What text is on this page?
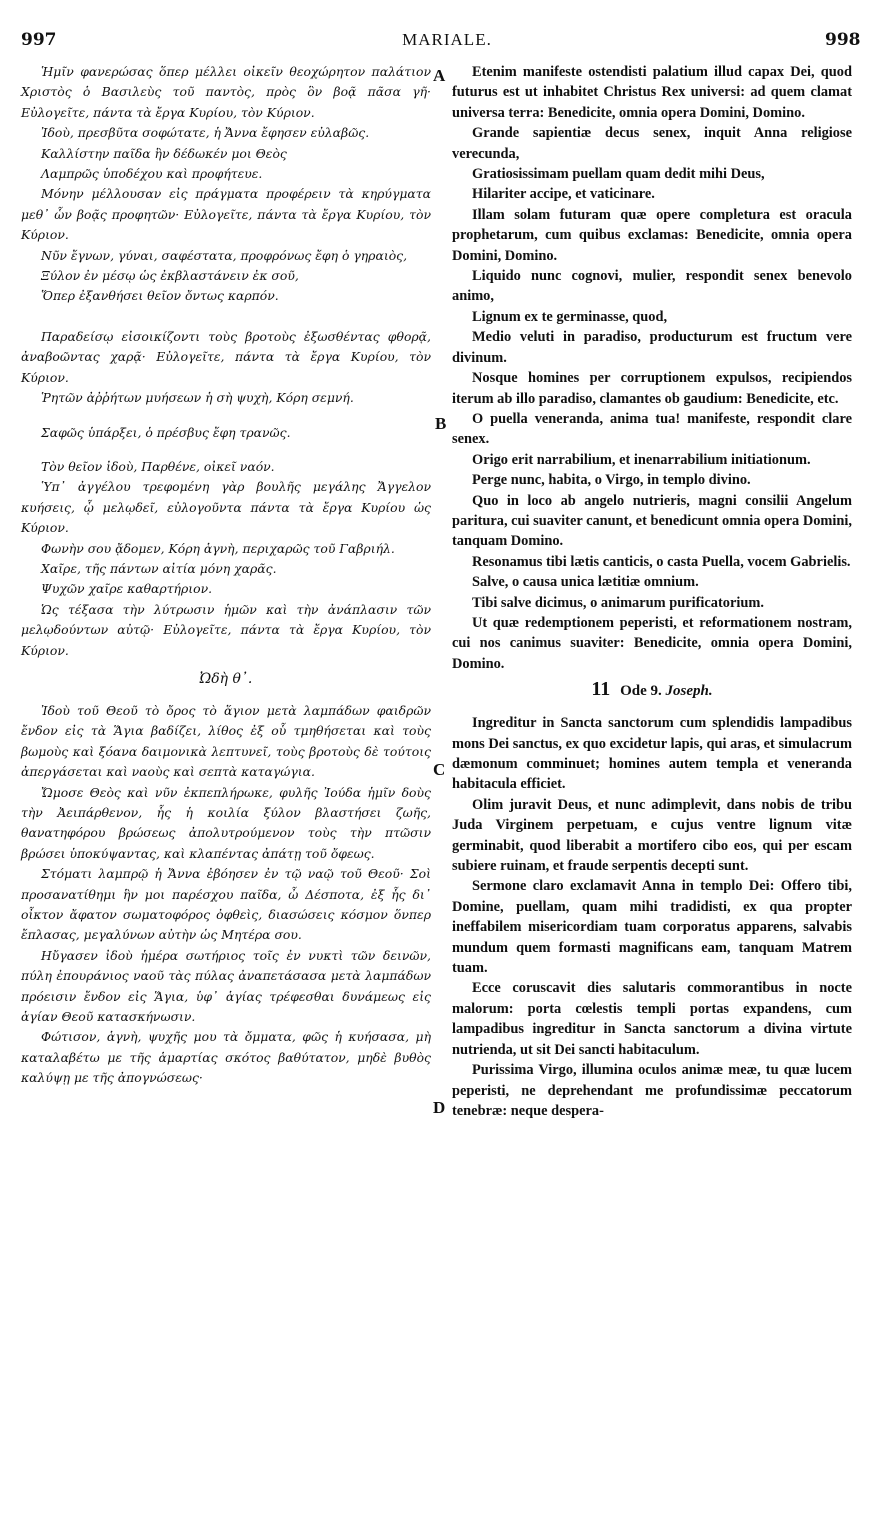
997	MARIALE.	998
A
B
C
D

Ἡμῖν φανερώσας ὅπερ μέλλει οἰκεῖν θεοχώρητον παλάτιον Χριστὸς ὁ Βασιλεὺς τοῦ παντὸς, πρὸς ὃν βοᾷ πᾶσα γῆ· Εὐλογεῖτε, πάντα τὰ ἔργα Κυρίου, τὸν Κύριον.

Ἰδοὺ, πρεσβῦτα σοφώτατε, ἡ Ἄννα ἔφησεν εὐλαβῶς.

Καλλίστην παῖδα ἣν δέδωκέν μοι Θεὸς

Λαμπρῶς ὑποδέχου καὶ προφήτευε.

Μόνην μέλλουσαν εἰς πράγματα προφέρειν τὰ κηρύγματα μεθ᾽ ὧν βοᾷς προφητῶν· Εὐλογεῖτε, πάντα τὰ ἔργα Κυρίου, τὸν Κύριον.

Νῦν ἔγνων, γύναι, σαφέστατα, προφρόνως ἔφη ὁ γηραιὸς,

Ξύλον ἐν μέσῳ ὡς ἐκβλαστάνειν ἐκ σοῦ,

Ὅπερ ἐξανθήσει θεῖον ὄντως καρπόν.

Παραδείσῳ εἰσοικίζοντι τοὺς βροτοὺς ἐξωσθέντας φθορᾷ, ἀναβοῶντας χαρᾷ· Εὐλογεῖτε, πάντα τὰ ἔργα Κυρίου, τὸν Κύριον.

Ῥητῶν ἀῤῥήτων μυήσεων ἡ σὴ ψυχὴ, Κόρη σεμνή.

Σαφῶς ὑπάρξει, ὁ πρέσβυς ἔφη τρανῶς.

Τὸν θεῖον ἰδοὺ, Παρθένε, οἰκεῖ ναόν.

Ὑπ᾽ ἀγγέλου τρεφομένη γὰρ βουλῆς μεγάλης Ἄγγελον κυήσεις, ᾧ μελῳδεῖ, εὐλογοῦντα πάντα τὰ ἔργα Κυρίου ὡς Κύριον.

Φωνὴν σου ᾄδομεν, Κόρη ἁγνὴ, περιχαρῶς τοῦ Γαβριήλ.

Χαῖρε, τῆς πάντων αἰτία μόνη χαρᾶς.

Ψυχῶν χαῖρε καθαρτήριον.

Ὡς τέξασα τὴν λύτρωσιν ἡμῶν καὶ τὴν ἀνάπλασιν τῶν μελῳδούντων αὐτῷ· Εὐλογεῖτε, πάντα τὰ ἔργα Κυρίου, τὸν Κύριον.

Ὠδὴ θ᾽.

Ἰδοὺ τοῦ Θεοῦ τὸ ὄρος τὸ ἅγιον μετὰ λαμπάδων φαιδρῶν ἔνδον εἰς τὰ Ἅγια βαδίζει, λίθος ἐξ οὗ τμηθήσεται καὶ τοὺς βωμοὺς καὶ ξόανα δαιμονικὰ λεπτυνεῖ, τοὺς βροτοὺς δὲ τούτοις ἀπεργάσεται καὶ ναοὺς καὶ σεπτὰ καταγώγια.

Ὤμοσε Θεὸς καὶ νῦν ἐκπεπλήρωκε, φυλῆς Ἰούδα ἡμῖν δοὺς τὴν Ἀειπάρθενον, ἧς ἡ κοιλία ξύλον βλαστήσει ζωῆς, θανατηφόρου βρώσεως ἀπολυτρούμενον τοὺς τὴν πτῶσιν βρώσει ὑποκύψαντας, καὶ κλαπέντας ἀπάτῃ τοῦ ὄφεως.

Στόματι λαμπρῷ ἡ Ἄννα ἐβόησεν ἐν τῷ ναῷ τοῦ Θεοῦ· Σοὶ προσανατίθημι ἣν μοι παρέσχου παῖδα, ὦ Δέσποτα, ἐξ ἧς δι᾽ οἶκτον ἄφατον σωματοφόρος ὀφθεὶς, διασώσεις κόσμον ὅνπερ ἔπλασας, μεγαλύνων αὐτὴν ὡς Μητέρα σου.

Ηὔγασεν ἰδοὺ ἡμέρα σωτήριος τοῖς ἐν νυκτὶ τῶν δεινῶν, πύλη ἐπουράνιος ναοῦ τὰς πύλας ἀναπετάσασα μετὰ λαμπάδων πρόεισιν ἔνδον εἰς Ἅγια, ὑφ᾽ ἁγίας τρέφεσθαι δυνάμεως εἰς ἁγίαν Θεοῦ κατασκήνωσιν.

Φώτισον, ἁγνὴ, ψυχῆς μου τὰ ὄμματα, φῶς ἡ κυήσασα, μὴ καταλαβέτω με τῆς ἁμαρτίας σκότος βαθύτατον, μηδὲ βυθὸς καλύψῃ με τῆς ἀπογνώσεως·

Etenim manifeste ostendisti palatium illud capax Dei, quod futurus est ut inhabitet Christus Rex universi: ad quem clamat universa terra: Benedicite, omnia opera Domini, Domino.

Grande sapientiæ decus senex, inquit Anna religiose verecunda,

Gratiosissimam puellam quam dedit mihi Deus,

Hilariter accipe, et vaticinare.

Illam solam futuram quæ opere completura est oracula prophetarum, cum quibus exclamas: Benedicite, omnia opera Domini, Domino.

Liquido nunc cognovi, mulier, respondit senex benevolo animo,

Lignum ex te germinasse, quod,

Medio veluti in paradiso, producturum est fructum vere divinum.

Nosque homines per corruptionem expulsos, recipiendos iterum ab illo paradiso, clamantes ob gaudium: Benedicite, etc.

O puella veneranda, anima tua! manifeste, respondit clare senex.

Origo erit narrabilium, et inenarrabilium initiationum.

Perge nunc, habita, o Virgo, in templo divino.

Quo in loco ab angelo nutrieris, magni consilii Angelum paritura, cui suaviter canunt, et benedicunt omnia opera Domini, tanquam Domino.

Resonamus tibi lætis canticis, o casta Puella, vocem Gabrielis.

Salve, o causa unica lætitiæ omnium.

Tibi salve dicimus, o animarum purificatorium.

Ut quæ redemptionem peperisti, et reformationem nostram, cui nos canimus suaviter: Benedicite, omnia opera Domini, Domino.

11 Ode 9. Joseph.

Ingreditur in Sancta sanctorum cum splendidis lampadibus mons Dei sanctus, ex quo excidetur lapis, qui aras, et simulacrum dæmonum comminuet; homines autem templa et veneranda habitacula efficiet.

Olim juravit Deus, et nunc adimplevit, dans nobis de tribu Juda Virginem perpetuam, e cujus ventre lignum vitæ germinabit, quod liberabit a mortifero cibo eos, qui per escam subiere ruinam, et fraude serpentis decepti sunt.

Sermone claro exclamavit Anna in templo Dei: Offero tibi, Domine, puellam, quam mihi tradidisti, ex qua propter ineffabilem misericordiam tuam corporatus apparens, salvabis mundum quem formasti magnificans eam, tanquam Matrem tuam.

Ecce coruscavit dies salutaris commorantibus in nocte malorum: porta cœlestis templi portas expandens, cum lampadibus ingreditur in Sancta sanctorum a divina virtute nutrienda, ut sit Dei sancti habitaculum.

Purissima Virgo, illumina oculos animæ meæ, tu quæ lucem peperisti, ne deprehendant me profundissimæ peccatorum tenebræ: neque despera-
